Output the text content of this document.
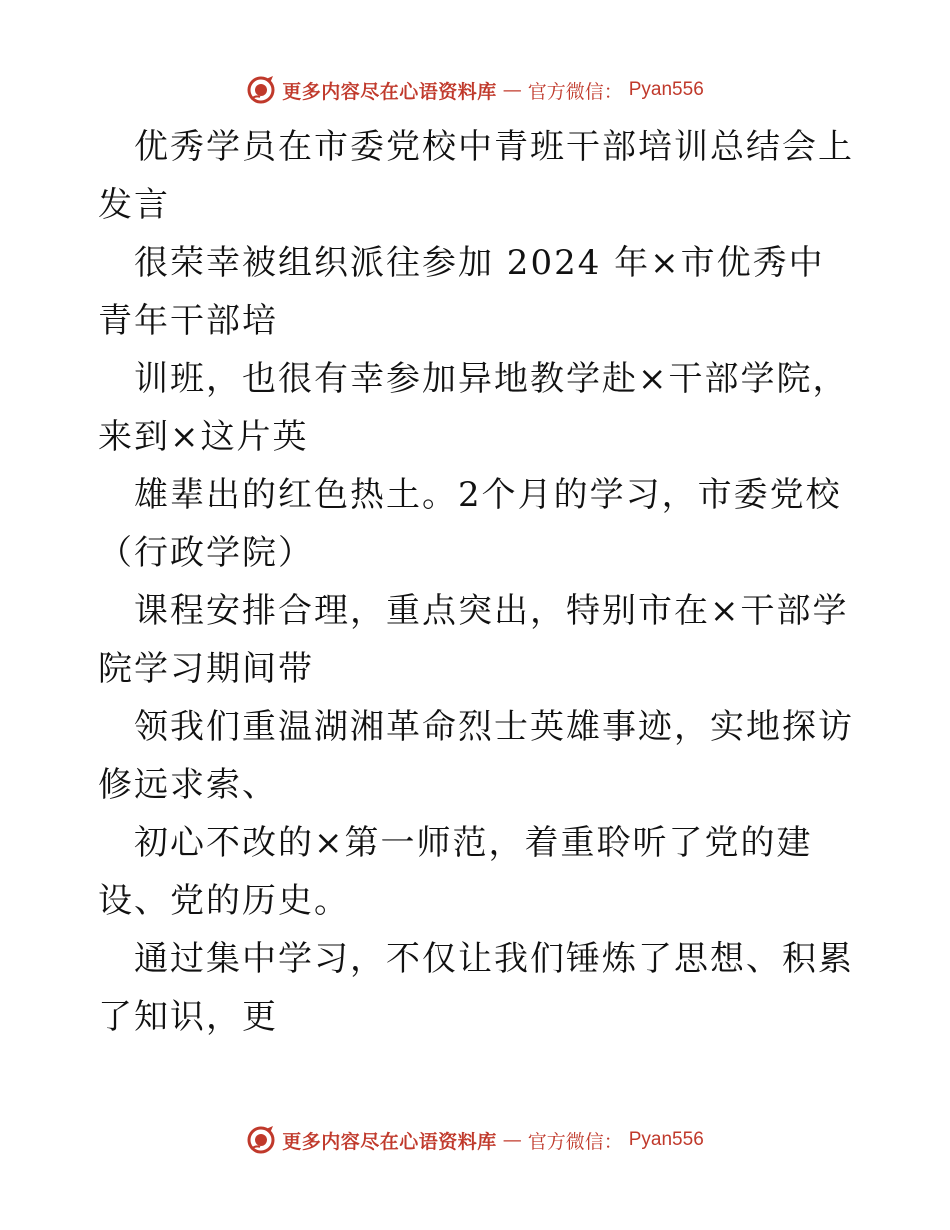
更多内容尽在心语资料库 — 官方微信： Pyan556

优秀学员在市委党校中青班干部培训总结会上发言

很荣幸被组织派往参加 2024 年×市优秀中青年干部培

训班，也很有幸参加异地教学赴×干部学院，来到×这片英

雄辈出的红色热土。2个月的学习，市委党校（行政学院）

课程安排合理，重点突出，特别市在×干部学院学习期间带

领我们重温湖湘革命烈士英雄事迹，实地探访修远求索、

初心不改的×第一师范，着重聆听了党的建设、党的历史。

通过集中学习，不仅让我们锤炼了思想、积累了知识，更

更多内容尽在心语资料库 — 官方微信： Pyan556
